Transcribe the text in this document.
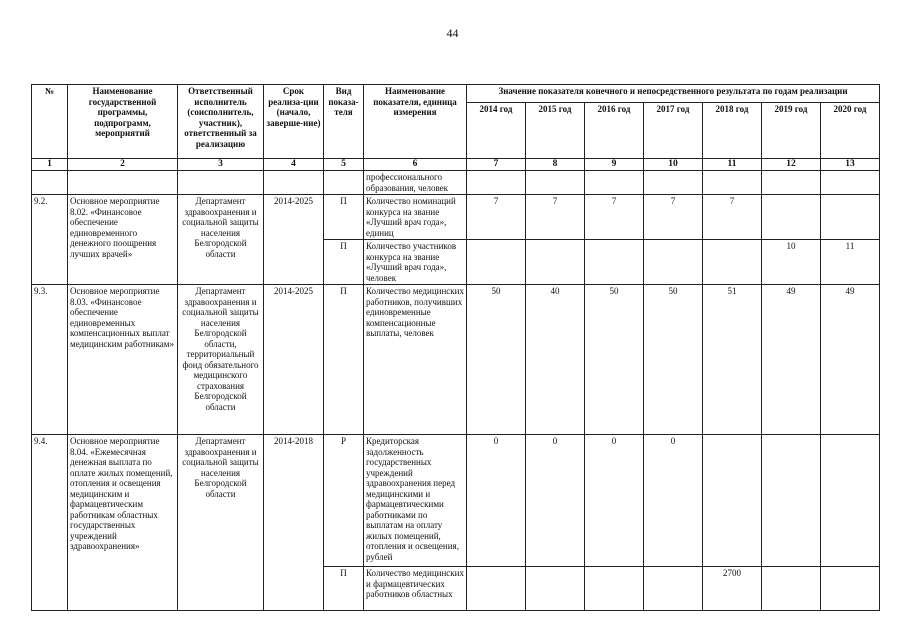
44
№	Наименование государственной программы, подпрограмм, мероприятий	Ответственный исполнитель (соисполнитель, участник), ответственный за реализацию	Срок реализа-ции (начало, заверше-ние)	Вид показа-теля	Наименование показателя, единица измерения	Значение показателя конечного и непосредственного результата по годам реализации						
						2014 год	2015 год	2016 год	2017 год	2018 год	2019 год	2020 год
1	2	3	4	5	6	7	8	9	10	11	12	13
					профессионального образования, человек							
9.2.	Основное мероприятие 8.02. «Финансовое обеспечение единовременного денежного поощрения лучших врачей»	Департамент здравоохранения и социальной защиты населения Белгородской области	2014-2025	П	Количество номинаций конкурса на звание «Лучший врач года», единиц	7	7	7	7	7		
				П	Количество участников конкурса на звание «Лучший врач года», человек						10	11
9.3.	Основное мероприятие 8.03. «Финансовое обеспечение единовременных компенсационных выплат медицинским работникам»	Департамент здравоохранения и социальной защиты населения Белгородской области, территориальный фонд обязательного медицинского страхования Белгородской области	2014-2025	П	Количество медицинских работников, получивших единовременные компенсационные выплаты, человек	50	40	50	50	51	49	49
9.4.	Основное мероприятие 8.04. «Ежемесячная денежная выплата по оплате жилых помещений, отопления и освещения медицинским и фармацевтическим работникам областных государственных учреждений здравоохранения»	Департамент здравоохранения и социальной защиты населения Белгородской области	2014-2018	Р	Кредиторская задолженность государственных учреждений здравоохранения перед медицинскими и фармацевтическими работниками по выплатам на оплату жилых помещений, отопления и освещения, рублей	0	0	0	0			
				П	Количество медицинских и фармацевтических работников областных					2700		
